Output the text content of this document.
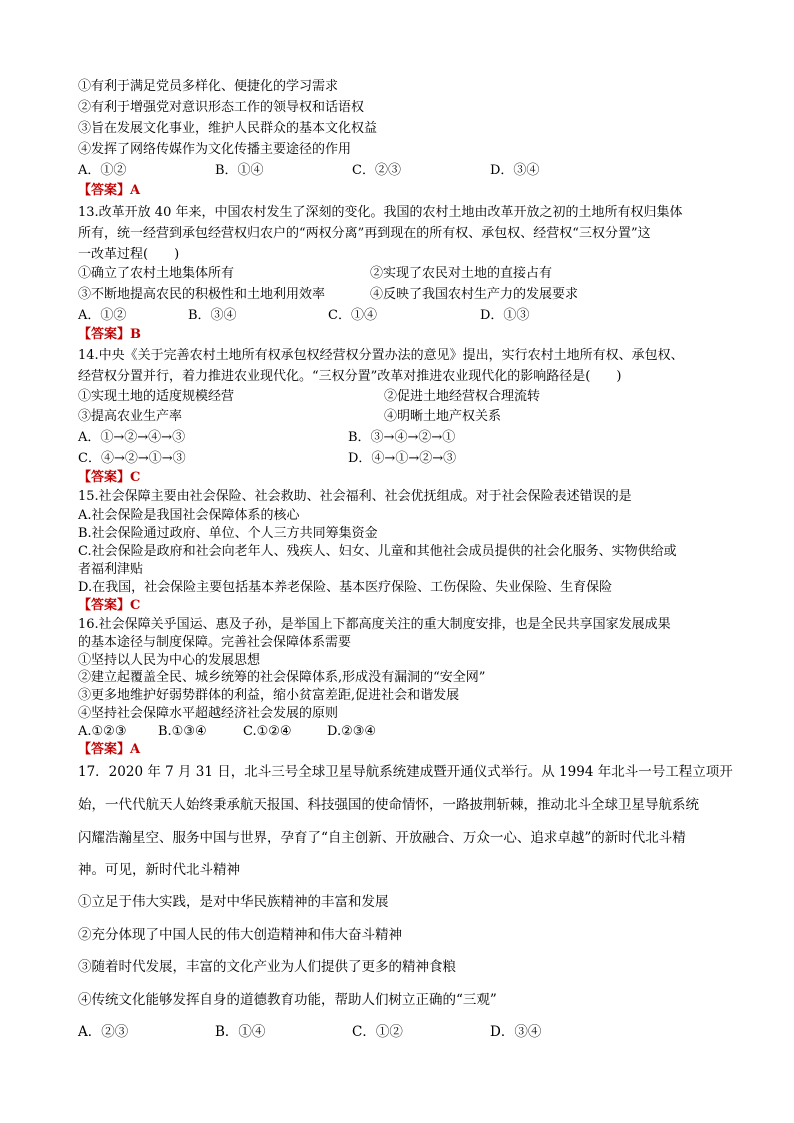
①有利于满足党员多样化、便捷化的学习需求
②有利于增强党对意识形态工作的领导权和话语权
③旨在发展文化事业，维护人民群众的基本文化权益
④发挥了网络传媒作为文化传播主要途径的作用
A．①②	B．①④	C．②③	D．③④
【答案】A
13.改革开放 40 年来，中国农村发生了深刻的变化。我国的农村土地由改革开放之初的土地所有权归集体
所有，统一经营到承包经营权归农户的“两权分离”再到现在的所有权、承包权、经营权“三权分置”这
一改革过程(　　)
①确立了农村土地集体所有	②实现了农民对土地的直接占有
③不断地提高农民的积极性和土地利用效率	④反映了我国农村生产力的发展要求
A．①②	B．③④	C．①④	D．①③
【答案】B
14.中央《关于完善农村土地所有权承包权经营权分置办法的意见》提出，实行农村土地所有权、承包权、
经营权分置并行，着力推进农业现代化。“三权分置”改革对推进农业现代化的影响路径是(　　)
①实现土地的适度规模经营	②促进土地经营权合理流转
③提高农业生产率	④明晰土地产权关系
A．①→②→④→③	B．③→④→②→①
C．④→②→①→③	D．④→①→②→③
【答案】C
15.社会保障主要由社会保险、社会救助、社会福利、社会优抚组成。对于社会保险表述错误的是
A.社会保险是我国社会保障体系的核心
B.社会保险通过政府、单位、个人三方共同筹集资金
C.社会保险是政府和社会向老年人、残疾人、妇女、儿童和其他社会成员提供的社会化服务、实物供给或
者福利津贴
D.在我国，社会保险主要包括基本养老保险、基本医疗保险、工伤保险、失业保险、生育保险
【答案】C
16.社会保障关乎国运、惠及子孙，是举国上下都高度关注的重大制度安排，也是全民共享国家发展成果
的基本途径与制度保障。完善社会保障体系需要
①坚持以人民为中心的发展思想
②建立起覆盖全民、城乡统筹的社会保障体系,形成没有漏洞的“安全网”
③更多地维护好弱势群体的利益，缩小贫富差距,促进社会和谐发展
④坚持社会保障水平超越经济社会发展的原则
A.①②③ B.①③④	C.①②④	D.②③④
【答案】A
17．2020 年 7 月 31 日，北斗三号全球卫星导航系统建成暨开通仪式举行。从 1994 年北斗一号工程立项开
始，一代代航天人始终秉承航天报国、科技强国的使命情怀，一路披荆斩棘，推动北斗全球卫星导航系统
闪耀浩瀚星空、服务中国与世界，孕育了“自主创新、开放融合、万众一心、追求卓越”的新时代北斗精
神。可见，新时代北斗精神
①立足于伟大实践，是对中华民族精神的丰富和发展
②充分体现了中国人民的伟大创造精神和伟大奋斗精神
③随着时代发展，丰富的文化产业为人们提供了更多的精神食粮
④传统文化能够发挥自身的道德教育功能，帮助人们树立正确的“三观”
A．②③	B．①④	C．①②	D．③④
